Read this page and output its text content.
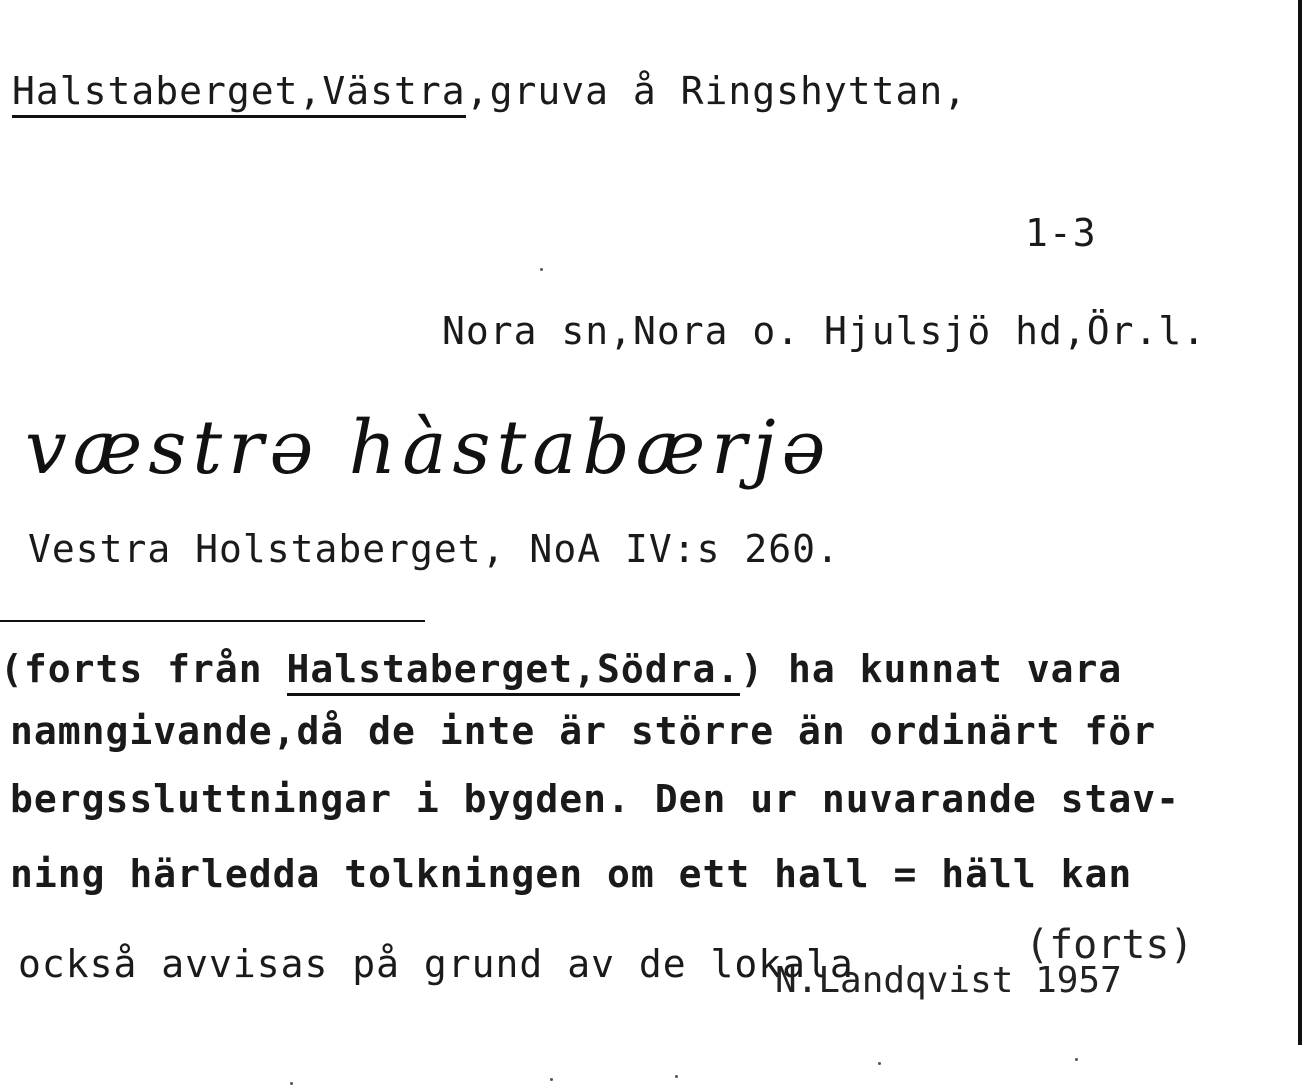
Halstaberget,Västra,gruva å Ringshyttan,
1-3
Nora sn,Nora o. Hjulsjö hd,Ör.l.
væstrə hàstabærjə
Vestra Holstaberget, NoA IV:s 260.
(forts från Halstaberget,Södra.) ha kunnat vara
namngivande,då de inte är större än ordinärt för
bergssluttningar i bygden. Den ur nuvarande stav-
ning härledda tolkningen om ett hall = häll kan
också avvisas på grund av de lokala	(forts)
N.Landqvist 1957
